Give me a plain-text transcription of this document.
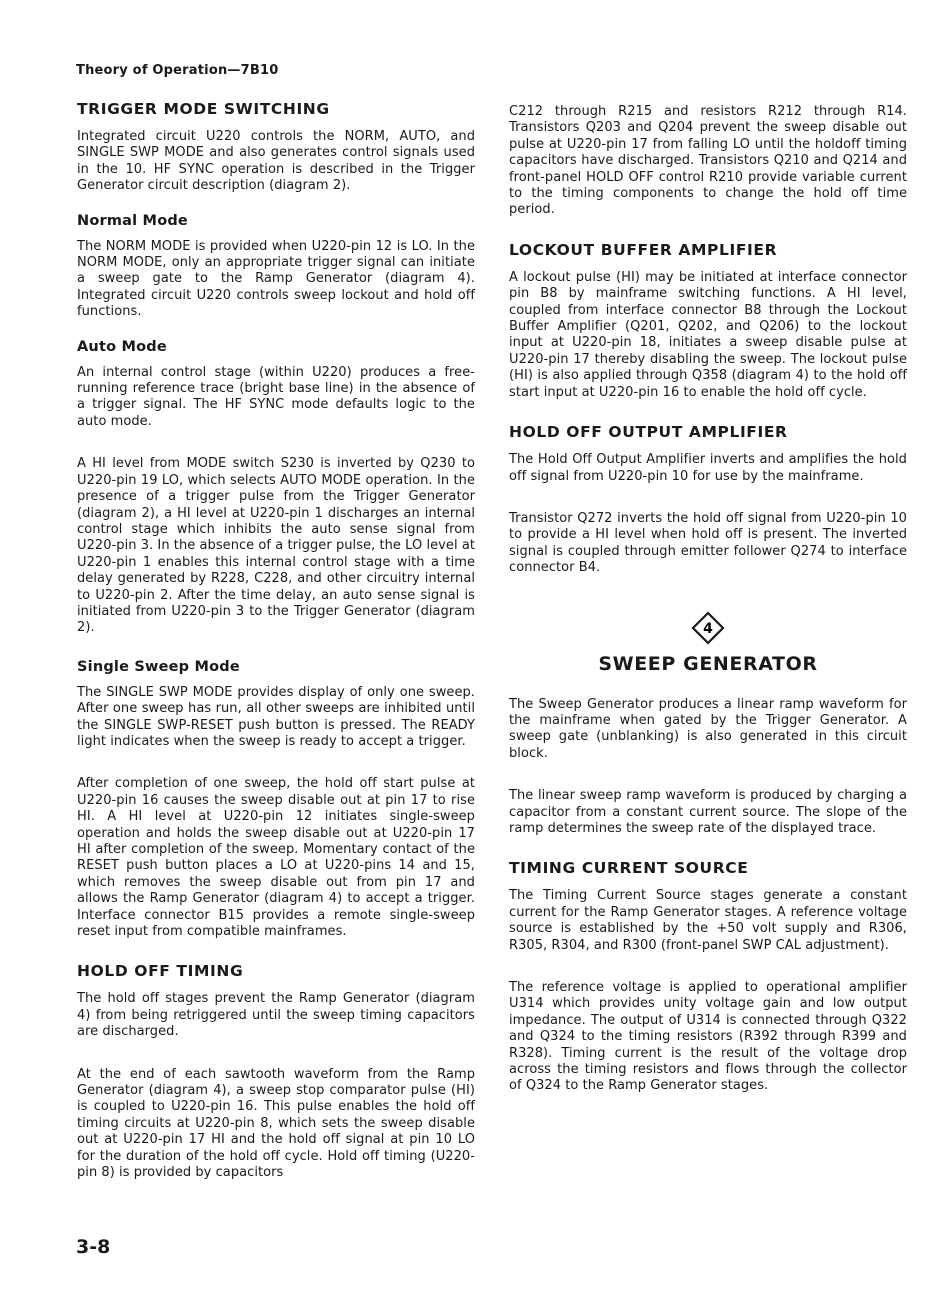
Theory of Operation—7B10
TRIGGER MODE SWITCHING

Integrated circuit U220 controls the NORM, AUTO, and SINGLE SWP MODE and also generates control signals used in the 10. HF SYNC operation is described in the Trigger Generator circuit description (diagram 2).

Normal Mode

The NORM MODE is provided when U220-pin 12 is LO. In the NORM MODE, only an appropriate trigger signal can initiate a sweep gate to the Ramp Generator (diagram 4). Integrated circuit U220 controls sweep lockout and hold off functions.

Auto Mode

An internal control stage (within U220) produces a free-running reference trace (bright base line) in the absence of a trigger signal. The HF SYNC mode defaults logic to the auto mode.

A HI level from MODE switch S230 is inverted by Q230 to U220-pin 19 LO, which selects AUTO MODE operation. In the presence of a trigger pulse from the Trigger Generator (diagram 2), a HI level at U220-pin 1 discharges an internal control stage which inhibits the auto sense signal from U220-pin 3. In the absence of a trigger pulse, the LO level at U220-pin 1 enables this internal control stage with a time delay generated by R228, C228, and other circuitry internal to U220-pin 2. After the time delay, an auto sense signal is initiated from U220-pin 3 to the Trigger Generator (diagram 2).

Single Sweep Mode

The SINGLE SWP MODE provides display of only one sweep. After one sweep has run, all other sweeps are inhibited until the SINGLE SWP-RESET push button is pressed. The READY light indicates when the sweep is ready to accept a trigger.

After completion of one sweep, the hold off start pulse at U220-pin 16 causes the sweep disable out at pin 17 to rise HI. A HI level at U220-pin 12 initiates single-sweep operation and holds the sweep disable out at U220-pin 17 HI after completion of the sweep. Momentary contact of the RESET push button places a LO at U220-pins 14 and 15, which removes the sweep disable out from pin 17 and allows the Ramp Generator (diagram 4) to accept a trigger. Interface connector B15 provides a remote single-sweep reset input from compatible mainframes.

HOLD OFF TIMING

The hold off stages prevent the Ramp Generator (diagram 4) from being retriggered until the sweep timing capacitors are discharged.

At the end of each sawtooth waveform from the Ramp Generator (diagram 4), a sweep stop comparator pulse (HI) is coupled to U220-pin 16. This pulse enables the hold off timing circuits at U220-pin 8, which sets the sweep disable out at U220-pin 17 HI and the hold off signal at pin 10 LO for the duration of the hold off cycle. Hold off timing (U220-pin 8) is provided by capacitors

C212 through R215 and resistors R212 through R14. Transistors Q203 and Q204 prevent the sweep disable out pulse at U220-pin 17 from falling LO until the holdoff timing capacitors have discharged. Transistors Q210 and Q214 and front-panel HOLD OFF control R210 provide variable current to the timing components to change the hold off time period.

LOCKOUT BUFFER AMPLIFIER

A lockout pulse (HI) may be initiated at interface connector pin B8 by mainframe switching functions. A HI level, coupled from interface connector B8 through the Lockout Buffer Amplifier (Q201, Q202, and Q206) to the lockout input at U220-pin 18, initiates a sweep disable pulse at U220-pin 17 thereby disabling the sweep. The lockout pulse (HI) is also applied through Q358 (diagram 4) to the hold off start input at U220-pin 16 to enable the hold off cycle.

HOLD OFF OUTPUT AMPLIFIER

The Hold Off Output Amplifier inverts and amplifies the hold off signal from U220-pin 10 for use by the mainframe.

Transistor Q272 inverts the hold off signal from U220-pin 10 to provide a HI level when hold off is present. The inverted signal is coupled through emitter follower Q274 to interface connector B4.

4
SWEEP GENERATOR

The Sweep Generator produces a linear ramp waveform for the mainframe when gated by the Trigger Generator. A sweep gate (unblanking) is also generated in this circuit block.

The linear sweep ramp waveform is produced by charging a capacitor from a constant current source. The slope of the ramp determines the sweep rate of the displayed trace.

TIMING CURRENT SOURCE

The Timing Current Source stages generate a constant current for the Ramp Generator stages. A reference voltage source is established by the +50 volt supply and R306, R305, R304, and R300 (front-panel SWP CAL adjustment).

The reference voltage is applied to operational amplifier U314 which provides unity voltage gain and low output impedance. The output of U314 is connected through Q322 and Q324 to the timing resistors (R392 through R399 and R328). Timing current is the result of the voltage drop across the timing resistors and flows through the collector of Q324 to the Ramp Generator stages.

3-8
